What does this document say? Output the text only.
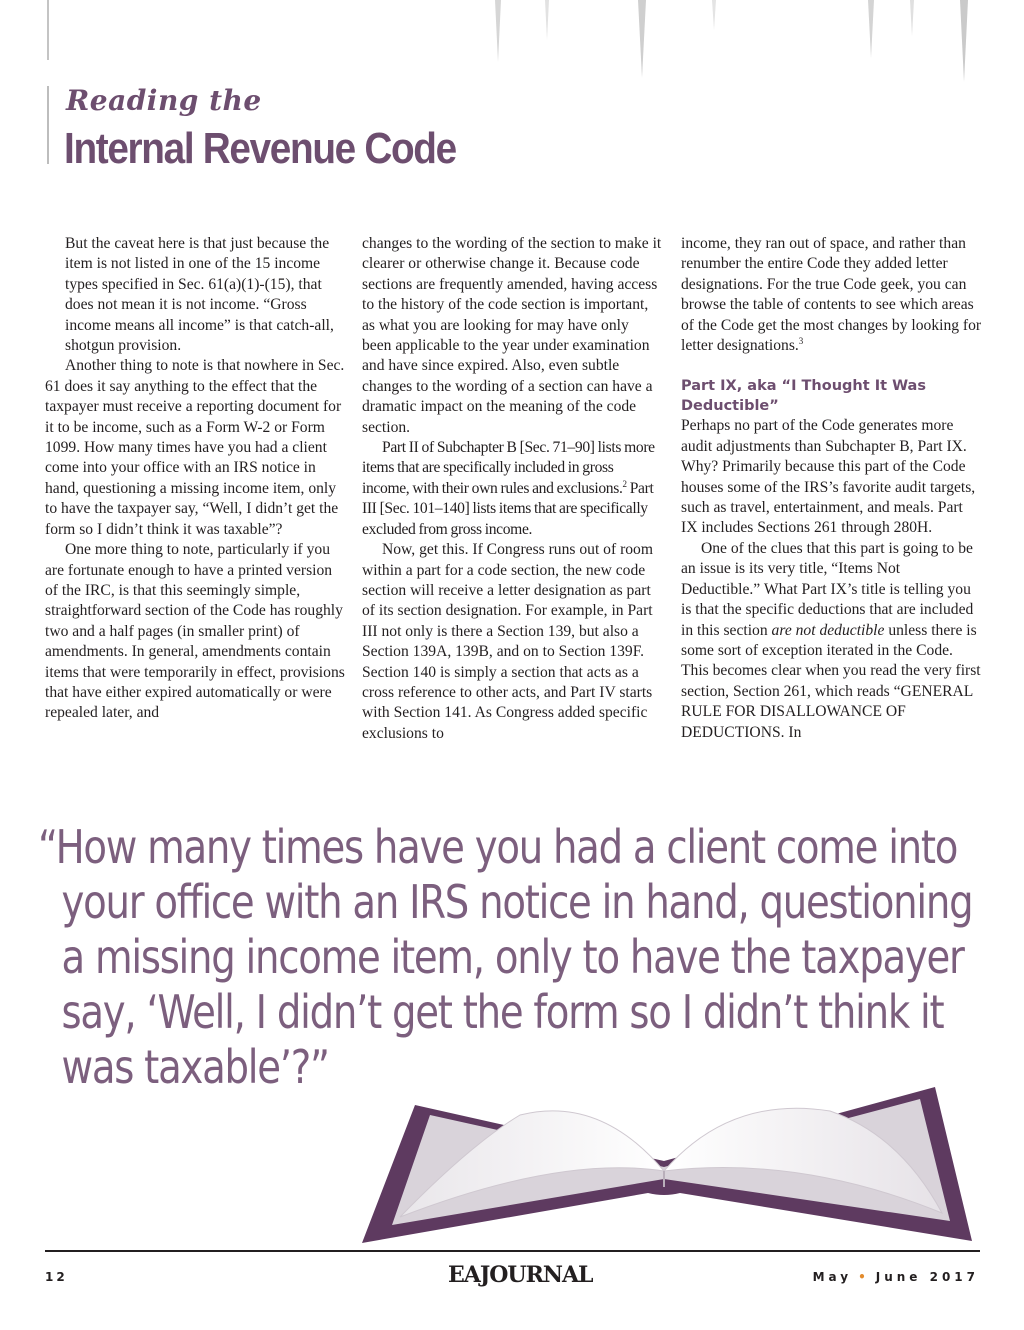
Reading the
Internal Revenue Code

But the caveat here is that just because the item is not listed in one of the 15 income types specified in Sec. 61(a)(1)-(15), that does not mean it is not income. “Gross income means all income” is that catch-all, shotgun provision.

Another thing to note is that nowhere in Sec. 61 does it say anything to the effect that the taxpayer must receive a reporting document for it to be income, such as a Form W-2 or Form 1099. How many times have you had a client come into your office with an IRS notice in hand, questioning a missing income item, only to have the taxpayer say, “Well, I didn’t get the form so I didn’t think it was taxable”?

One more thing to note, particularly if you are fortunate enough to have a printed version of the IRC, is that this seemingly simple, straightforward section of the Code has roughly two and a half pages (in smaller print) of amendments. In general, amendments contain items that were temporarily in effect, provisions that have either expired automatically or were repealed later, and

changes to the wording of the section to make it clearer or otherwise change it. Because code sections are frequently amended, having access to the history of the code section is important, as what you are looking for may have only been applicable to the year under examination and have since expired. Also, even subtle changes to the wording of a section can have a dramatic impact on the meaning of the code section.

Part II of Subchapter B [Sec. 71–90] lists more items that are specifically included in gross income, with their own rules and exclusions.$^2$ Part III [Sec. 101–140] lists items that are specifically excluded from gross income.

Now, get this. If Congress runs out of room within a part for a code section, the new code section will receive a letter designation as part of its section designation. For example, in Part III not only is there a Section 139, but also a Section 139A, 139B, and on to Section 139F. Section 140 is simply a section that acts as a cross reference to other acts, and Part IV starts with Section 141. As Congress added specific exclusions to

income, they ran out of space, and rather than renumber the entire Code they added letter designations. For the true Code geek, you can browse the table of contents to see which areas of the Code get the most changes by looking for letter designations.$^3$

Part IX, aka “I Thought It Was Deductible”

Perhaps no part of the Code generates more audit adjustments than Subchapter B, Part IX. Why? Primarily because this part of the Code houses some of the IRS’s favorite audit targets, such as travel, entertainment, and meals. Part IX includes Sections 261 through 280H.

One of the clues that this part is going to be an issue is its very title, “Items Not Deductible.” What Part IX’s title is telling you is that the specific deductions that are included in this section are not deductible unless there is some sort of exception iterated in the Code. This becomes clear when you read the very first section, Section 261, which reads “GENERAL RULE FOR DISALLOWANCE OF DEDUCTIONS. In

“How many times have you had a client come into
your office with an IRS notice in hand, questioning
a missing income item, only to have the taxpayer
say, ‘Well, I didn’t get the form so I didn’t think it
was taxable’?”
12	EAJOURNAL	May • June 2017
